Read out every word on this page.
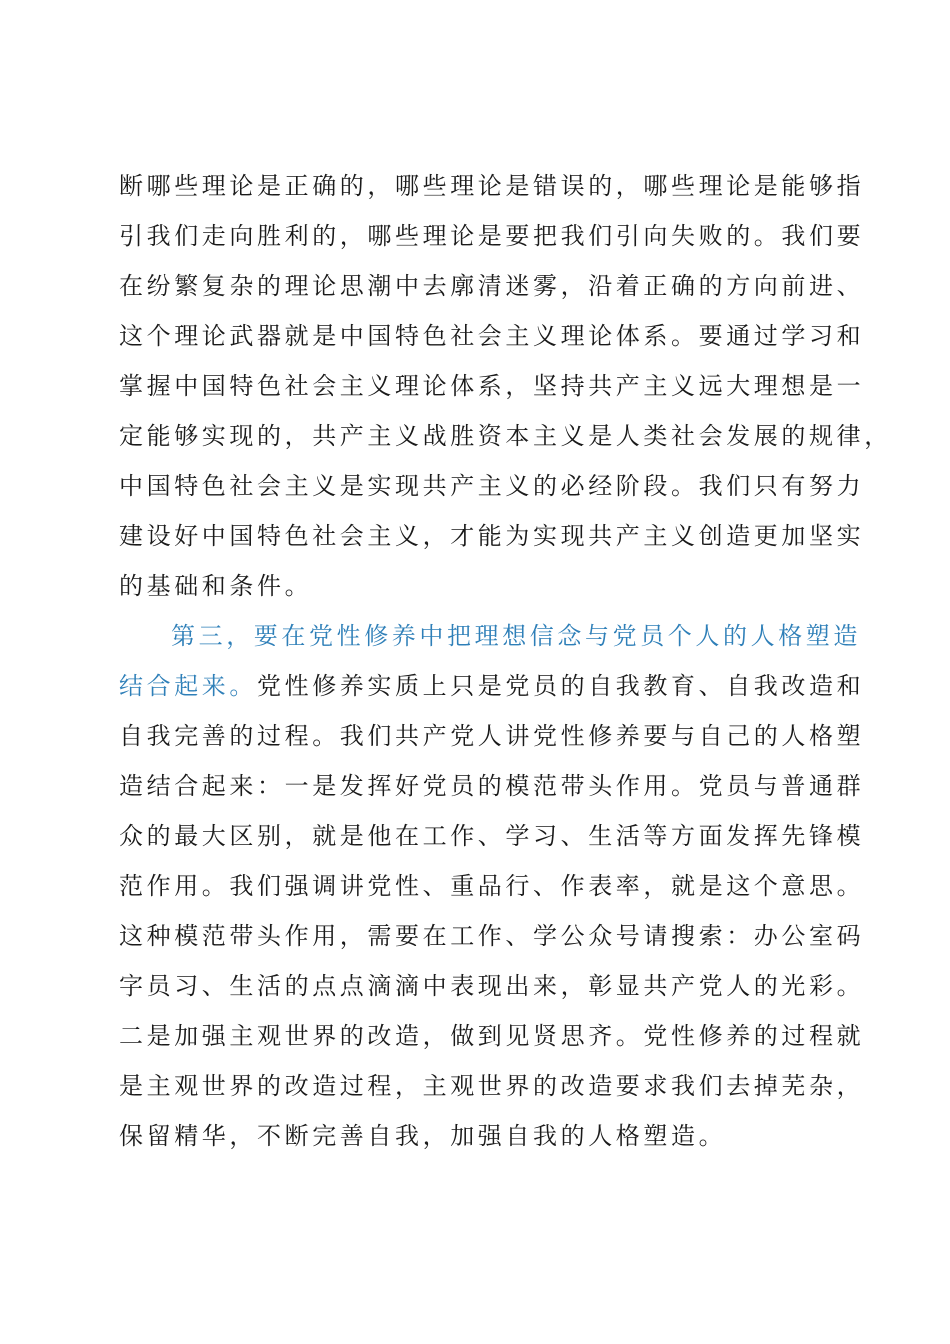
断哪些理论是正确的，哪些理论是错误的，哪些理论是能够指
引我们走向胜利的，哪些理论是要把我们引向失败的。我们要
在纷繁复杂的理论思潮中去廓清迷雾，沿着正确的方向前进、
这个理论武器就是中国特色社会主义理论体系。要通过学习和
掌握中国特色社会主义理论体系，坚持共产主义远大理想是一
定能够实现的，共产主义战胜资本主义是人类社会发展的规律，
中国特色社会主义是实现共产主义的必经阶段。我们只有努力
建设好中国特色社会主义，才能为实现共产主义创造更加坚实
的基础和条件。
第三，要在党性修养中把理想信念与党员个人的人格塑造
结合起来。党性修养实质上只是党员的自我教育、自我改造和
自我完善的过程。我们共产党人讲党性修养要与自己的人格塑
造结合起来：一是发挥好党员的模范带头作用。党员与普通群
众的最大区别，就是他在工作、学习、生活等方面发挥先锋模
范作用。我们强调讲党性、重品行、作表率，就是这个意思。
这种模范带头作用，需要在工作、学公众号请搜索：办公室码
字员习、生活的点点滴滴中表现出来，彰显共产党人的光彩。
二是加强主观世界的改造，做到见贤思齐。党性修养的过程就
是主观世界的改造过程，主观世界的改造要求我们去掉芜杂，
保留精华，不断完善自我，加强自我的人格塑造。
